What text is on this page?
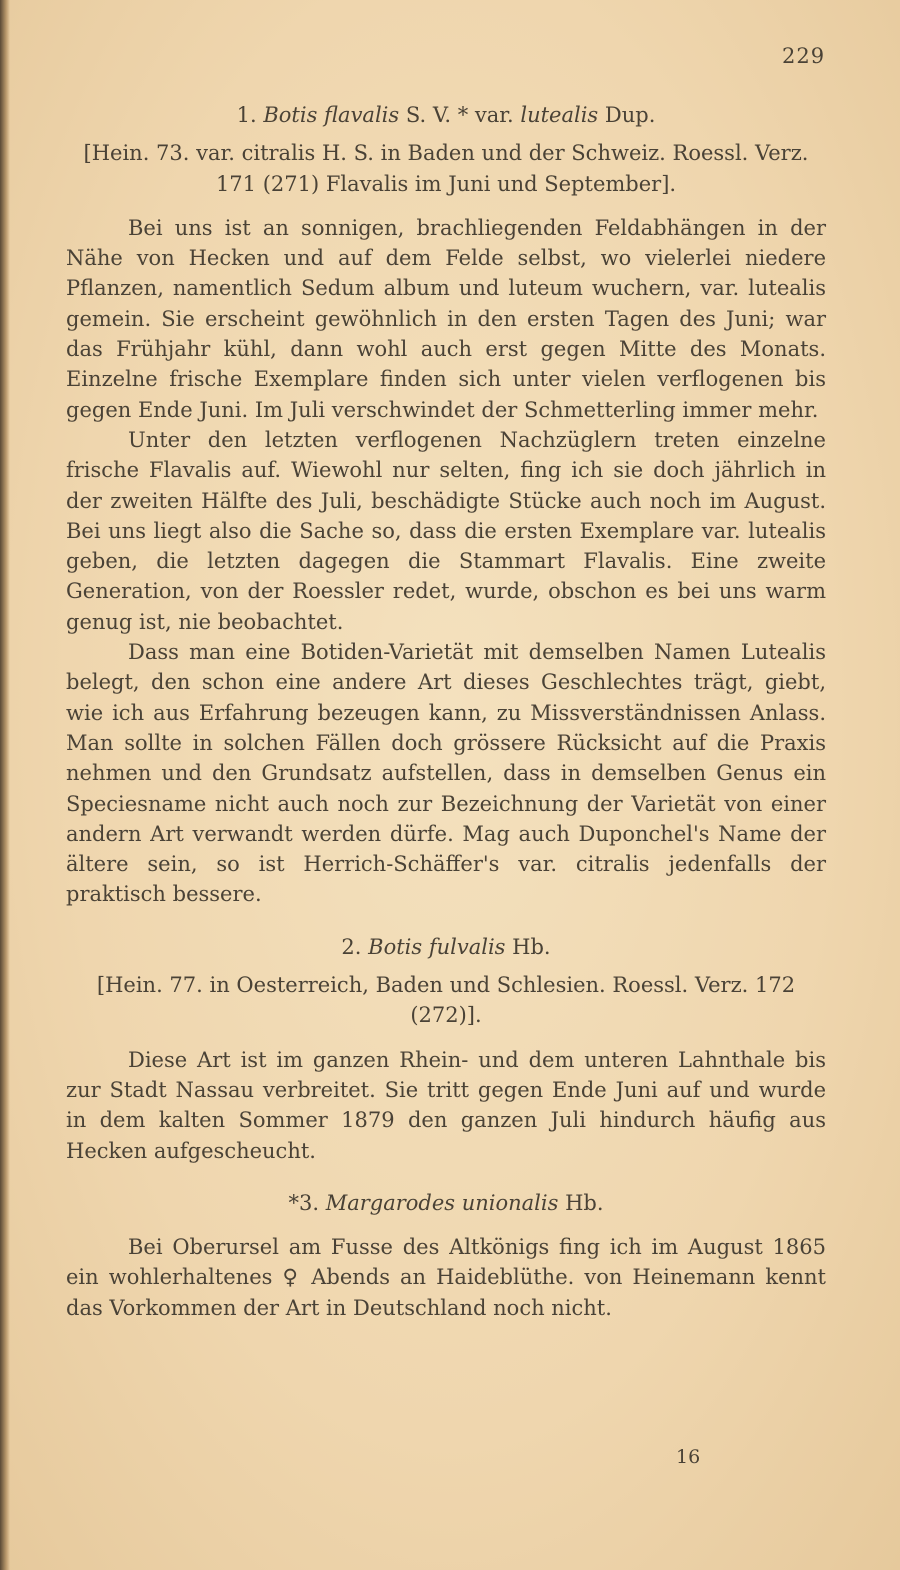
229
1. Botis flavalis S. V. * var. lutealis Dup.
[Hein. 73. var. citralis H. S. in Baden und der Schweiz. Roessl. Verz. 171 (271) Flavalis im Juni und September].

Bei uns ist an sonnigen, brachliegenden Feldabhängen in der Nähe von Hecken und auf dem Felde selbst, wo vielerlei niedere Pflanzen, namentlich Sedum album und luteum wuchern, var. lutealis gemein. Sie erscheint gewöhnlich in den ersten Tagen des Juni; war das Frühjahr kühl, dann wohl auch erst gegen Mitte des Monats. Einzelne frische Exemplare finden sich unter vielen verflogenen bis gegen Ende Juni. Im Juli verschwindet der Schmetterling immer mehr.

Unter den letzten verflogenen Nachzüglern treten einzelne frische Flavalis auf. Wiewohl nur selten, fing ich sie doch jährlich in der zweiten Hälfte des Juli, beschädigte Stücke auch noch im August. Bei uns liegt also die Sache so, dass die ersten Exemplare var. lutealis geben, die letzten dagegen die Stammart Flavalis. Eine zweite Generation, von der Roessler redet, wurde, obschon es bei uns warm genug ist, nie beobachtet.

Dass man eine Botiden-Varietät mit demselben Namen Lutealis belegt, den schon eine andere Art dieses Geschlechtes trägt, giebt, wie ich aus Erfahrung bezeugen kann, zu Missverständnissen Anlass. Man sollte in solchen Fällen doch grössere Rücksicht auf die Praxis nehmen und den Grundsatz aufstellen, dass in demselben Genus ein Speciesname nicht auch noch zur Bezeichnung der Varietät von einer andern Art verwandt werden dürfe. Mag auch Duponchel's Name der ältere sein, so ist Herrich-Schäffer's var. citralis jedenfalls der praktisch bessere.

2. Botis fulvalis Hb.
[Hein. 77. in Oesterreich, Baden und Schlesien. Roessl. Verz. 172 (272)].

Diese Art ist im ganzen Rhein- und dem unteren Lahnthale bis zur Stadt Nassau verbreitet. Sie tritt gegen Ende Juni auf und wurde in dem kalten Sommer 1879 den ganzen Juli hindurch häufig aus Hecken aufgescheucht.

*3. Margarodes unionalis Hb.

Bei Oberursel am Fusse des Altkönigs fing ich im August 1865 ein wohlerhaltenes ♀ Abends an Haideblüthe. von Heinemann kennt das Vorkommen der Art in Deutschland noch nicht.

16
